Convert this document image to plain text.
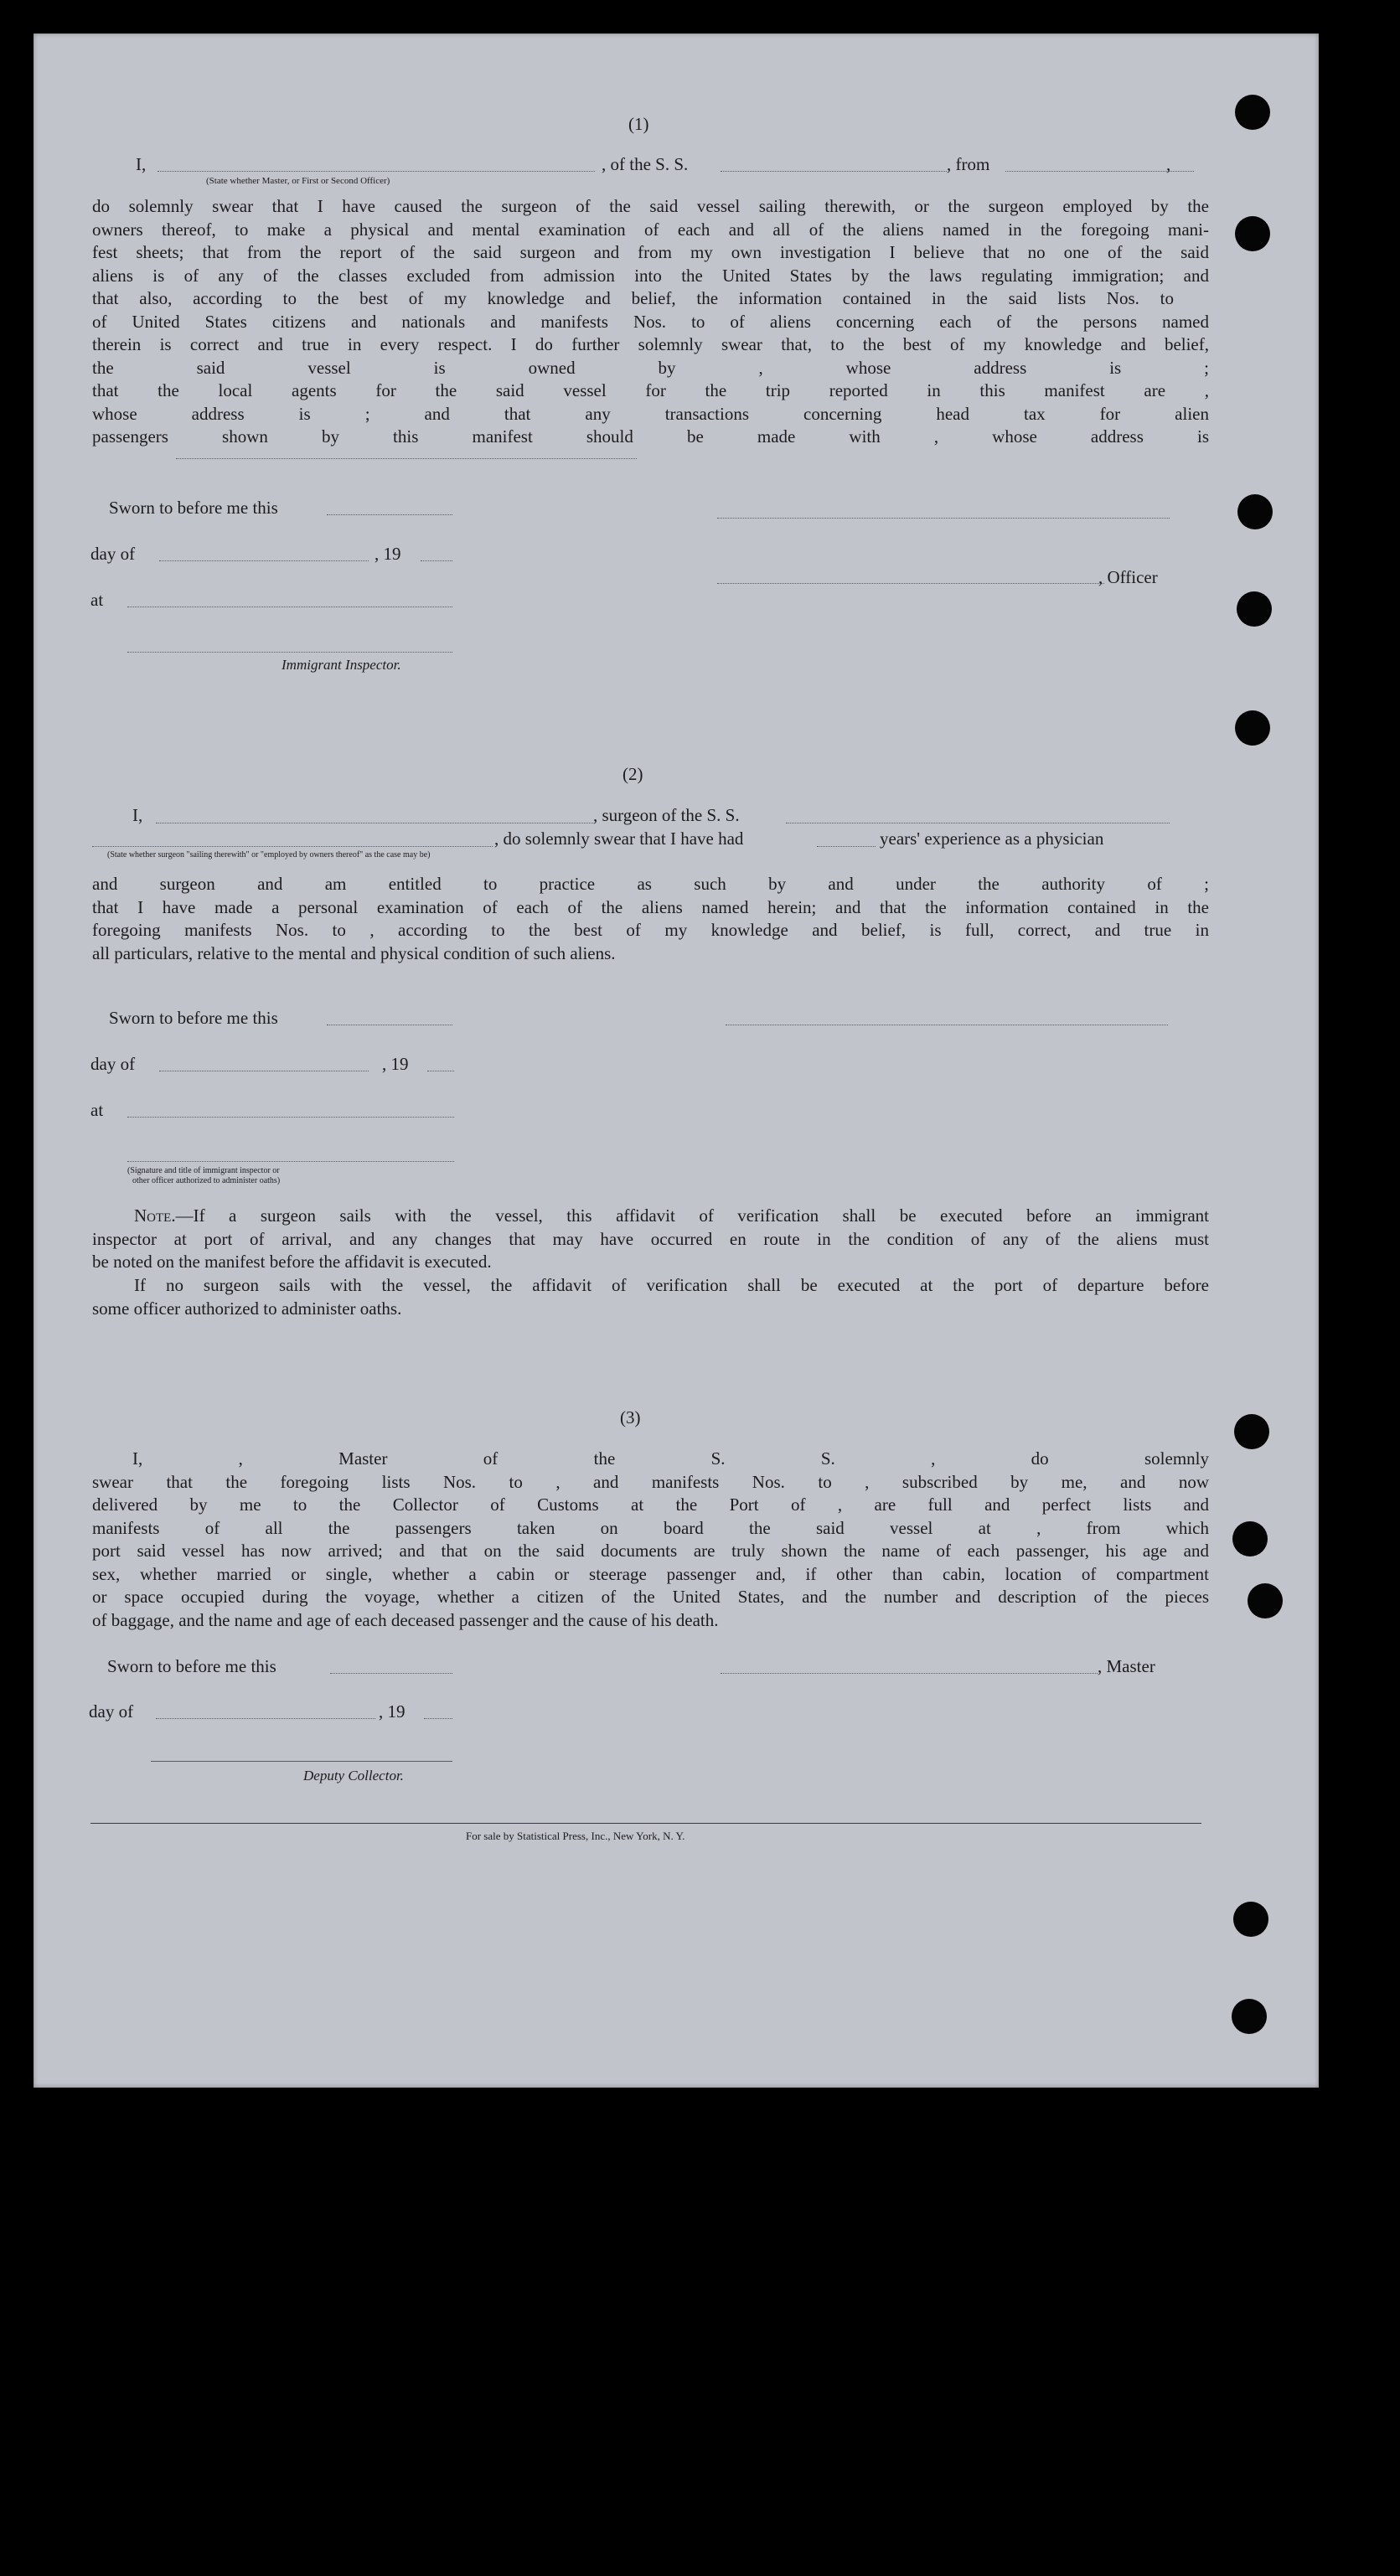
(1)
I,	, of the S. S.	, from	,
(State whether Master, or First or Second Officer)
do solemnly swear that I have caused the surgeon of the said vessel sailing therewith, or the surgeon employed by the
owners thereof, to make a physical and mental examination of each and all of the aliens named in the foregoing mani-
fest sheets; that from the report of the said surgeon and from my own investigation I believe that no one of the said
aliens is of any of the classes excluded from admission into the United States by the laws regulating immigration; and
that also, according to the best of my knowledge and belief, the information contained in the said lists Nos. to
of United States citizens and nationals and manifests Nos. to of aliens concerning each of the persons named
therein is correct and true in every respect. I do further solemnly swear that, to the best of my knowledge and belief,
the said vessel is owned by , whose address is ;
that the local agents for the said vessel for the trip reported in this manifest are ,
whose address is ; and that any transactions concerning head tax for alien
passengers shown by this manifest should be made with , whose address is
Sworn to before me this
day of	, 19
, Officer
at
Immigrant Inspector.
(2)
I,	, surgeon of the S. S.
, do solemnly swear that I have had	years' experience as a physician
(State whether surgeon "sailing therewith" or "employed by owners thereof" as the case may be)
and surgeon and am entitled to practice as such by and under the authority of ;
that I have made a personal examination of each of the aliens named herein; and that the information contained in the
foregoing manifests Nos. to , according to the best of my knowledge and belief, is full, correct, and true in
all particulars, relative to the mental and physical condition of such aliens.
Sworn to before me this
day of	, 19
at
(Signature and title of immigrant inspector or
other officer authorized to administer oaths)
Note.—If a surgeon sails with the vessel, this affidavit of verification shall be executed before an immigrant
inspector at port of arrival, and any changes that may have occurred en route in the condition of any of the aliens must
be noted on the manifest before the affidavit is executed.
If no surgeon sails with the vessel, the affidavit of verification shall be executed at the port of departure before
some officer authorized to administer oaths.
(3)
I, , Master of the S. S. , do solemnly
swear that the foregoing lists Nos. to , and manifests Nos. to , subscribed by me, and now
delivered by me to the Collector of Customs at the Port of , are full and perfect lists and
manifests of all the passengers taken on board the said vessel at , from which
port said vessel has now arrived; and that on the said documents are truly shown the name of each passenger, his age and
sex, whether married or single, whether a cabin or steerage passenger and, if other than cabin, location of compartment
or space occupied during the voyage, whether a citizen of the United States, and the number and description of the pieces
of baggage, and the name and age of each deceased passenger and the cause of his death.
Sworn to before me this	, Master
day of	, 19
Deputy Collector.
For sale by Statistical Press, Inc., New York, N. Y.
